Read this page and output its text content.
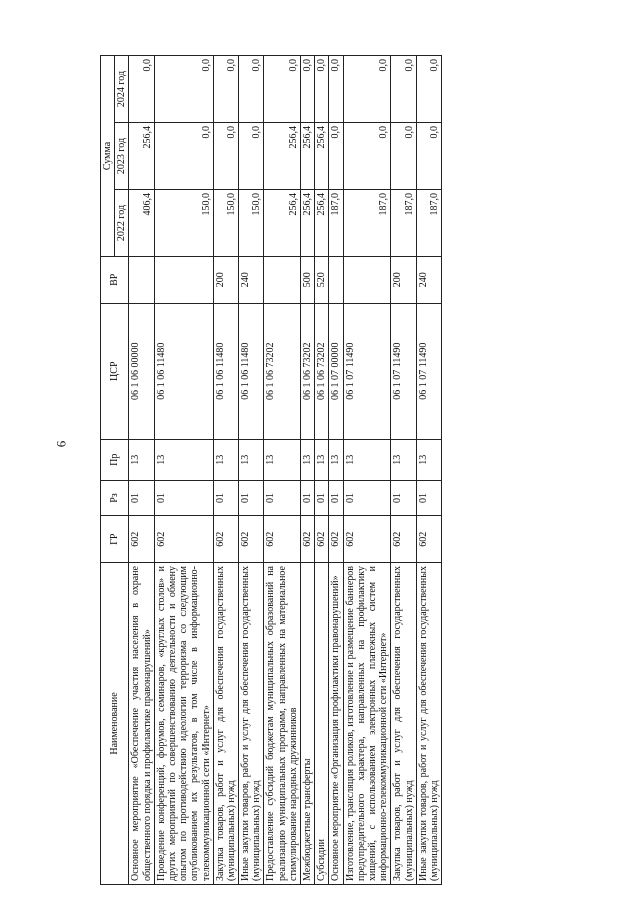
6
Наименование	ГР	Рз	Пр	ЦСР	ВР	Сумма		
						2022 год	2023 год	2024 год
Основное мероприятие «Обеспечение участия населения в охране общественного порядка и профилактике правонарушений»	602	01	13	06 1 06 00000		406,4	256,4	0,0
Проведение конференций, форумов, семинаров, «круглых столов» и других мероприятий по совершенствованию деятельности и обмену опытом по противодействию идеологии терроризма со следующим опубликованием их результатов, в том числе в информационно-телекоммуникационной сети «Интернет»	602	01	13	06 1 06 11480		150,0	0,0	0,0
Закупка товаров, работ и услуг для обеспечения государственных (муниципальных) нужд	602	01	13	06 1 06 11480	200	150,0	0,0	0,0
Иные закупки товаров, работ и услуг для обеспечения государственных (муниципальных) нужд	602	01	13	06 1 06 11480	240	150,0	0,0	0,0
Предоставление субсидий бюджетам муниципальных образований на реализацию муниципальных программ, направленных на материальное стимулирование народных дружинников	602	01	13	06 1 06 73202		256,4	256,4	0,0
Межбюджетные трансферты	602	01	13	06 1 06 73202	500	256,4	256,4	0,0
Субсидии	602	01	13	06 1 06 73202	520	256,4	256,4	0,0
Основное мероприятие «Организация профилактики правонарушений»	602	01	13	06 1 07 00000		187,0	0,0	0,0
Изготовление, трансляция роликов, изготовление и размещение баннеров предупредительного характера, направленных на профилактику хищений, с использованием электронных платежных систем и информационно-телекоммуникационной сети «Интернет»	602	01	13	06 1 07 11490		187,0	0,0	0,0
Закупка товаров, работ и услуг для обеспечения государственных (муниципальных) нужд	602	01	13	06 1 07 11490	200	187,0	0,0	0,0
Иные закупки товаров, работ и услуг для обеспечения государственных (муниципальных) нужд	602	01	13	06 1 07 11490	240	187,0	0,0	0,0
